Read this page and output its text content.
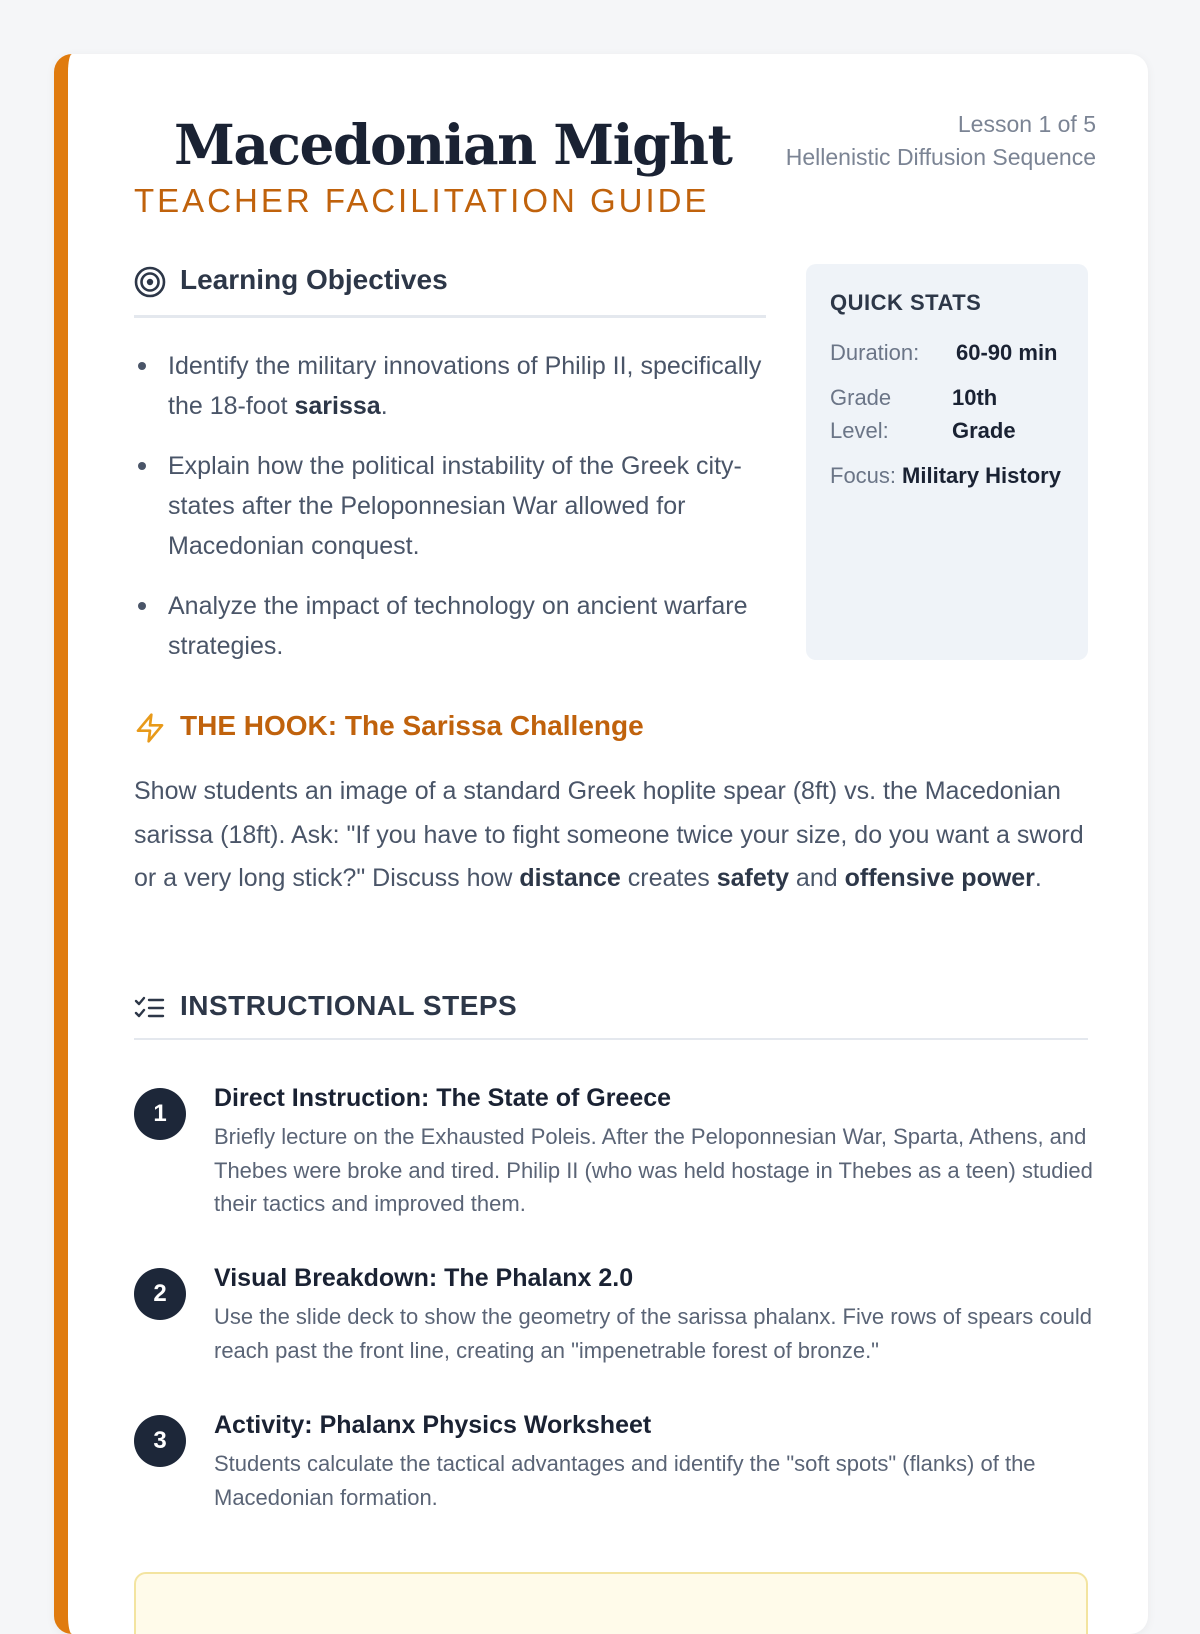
Macedonian Might
TEACHER FACILITATION GUIDE
Lesson 1 of 5
Hellenistic Diffusion Sequence
Learning Objectives
Identify the military innovations of Philip II, specifically the 18-foot sarissa.
Explain how the political instability of the Greek city-states after the Peloponnesian War allowed for Macedonian conquest.
Analyze the impact of technology on ancient warfare strategies.
QUICK STATS
Duration:	60-90 min
Grade Level:
10th Grade
Focus: Military History
THE HOOK: The Sarissa Challenge
Show students an image of a standard Greek hoplite spear (8ft) vs. the Macedonian sarissa (18ft). Ask: "If you have to fight someone twice your size, do you want a sword or a very long stick?" Discuss how distance creates safety and offensive power.
INSTRUCTIONAL STEPS
1
Direct Instruction: The State of Greece
Briefly lecture on the Exhausted Poleis. After the Peloponnesian War, Sparta, Athens, and Thebes were broke and tired. Philip II (who was held hostage in Thebes as a teen) studied their tactics and improved them.
2
Visual Breakdown: The Phalanx 2.0
Use the slide deck to show the geometry of the sarissa phalanx. Five rows of spears could reach past the front line, creating an "impenetrable forest of bronze."
3
Activity: Phalanx Physics Worksheet
Students calculate the tactical advantages and identify the "soft spots" (flanks) of the Macedonian formation.
